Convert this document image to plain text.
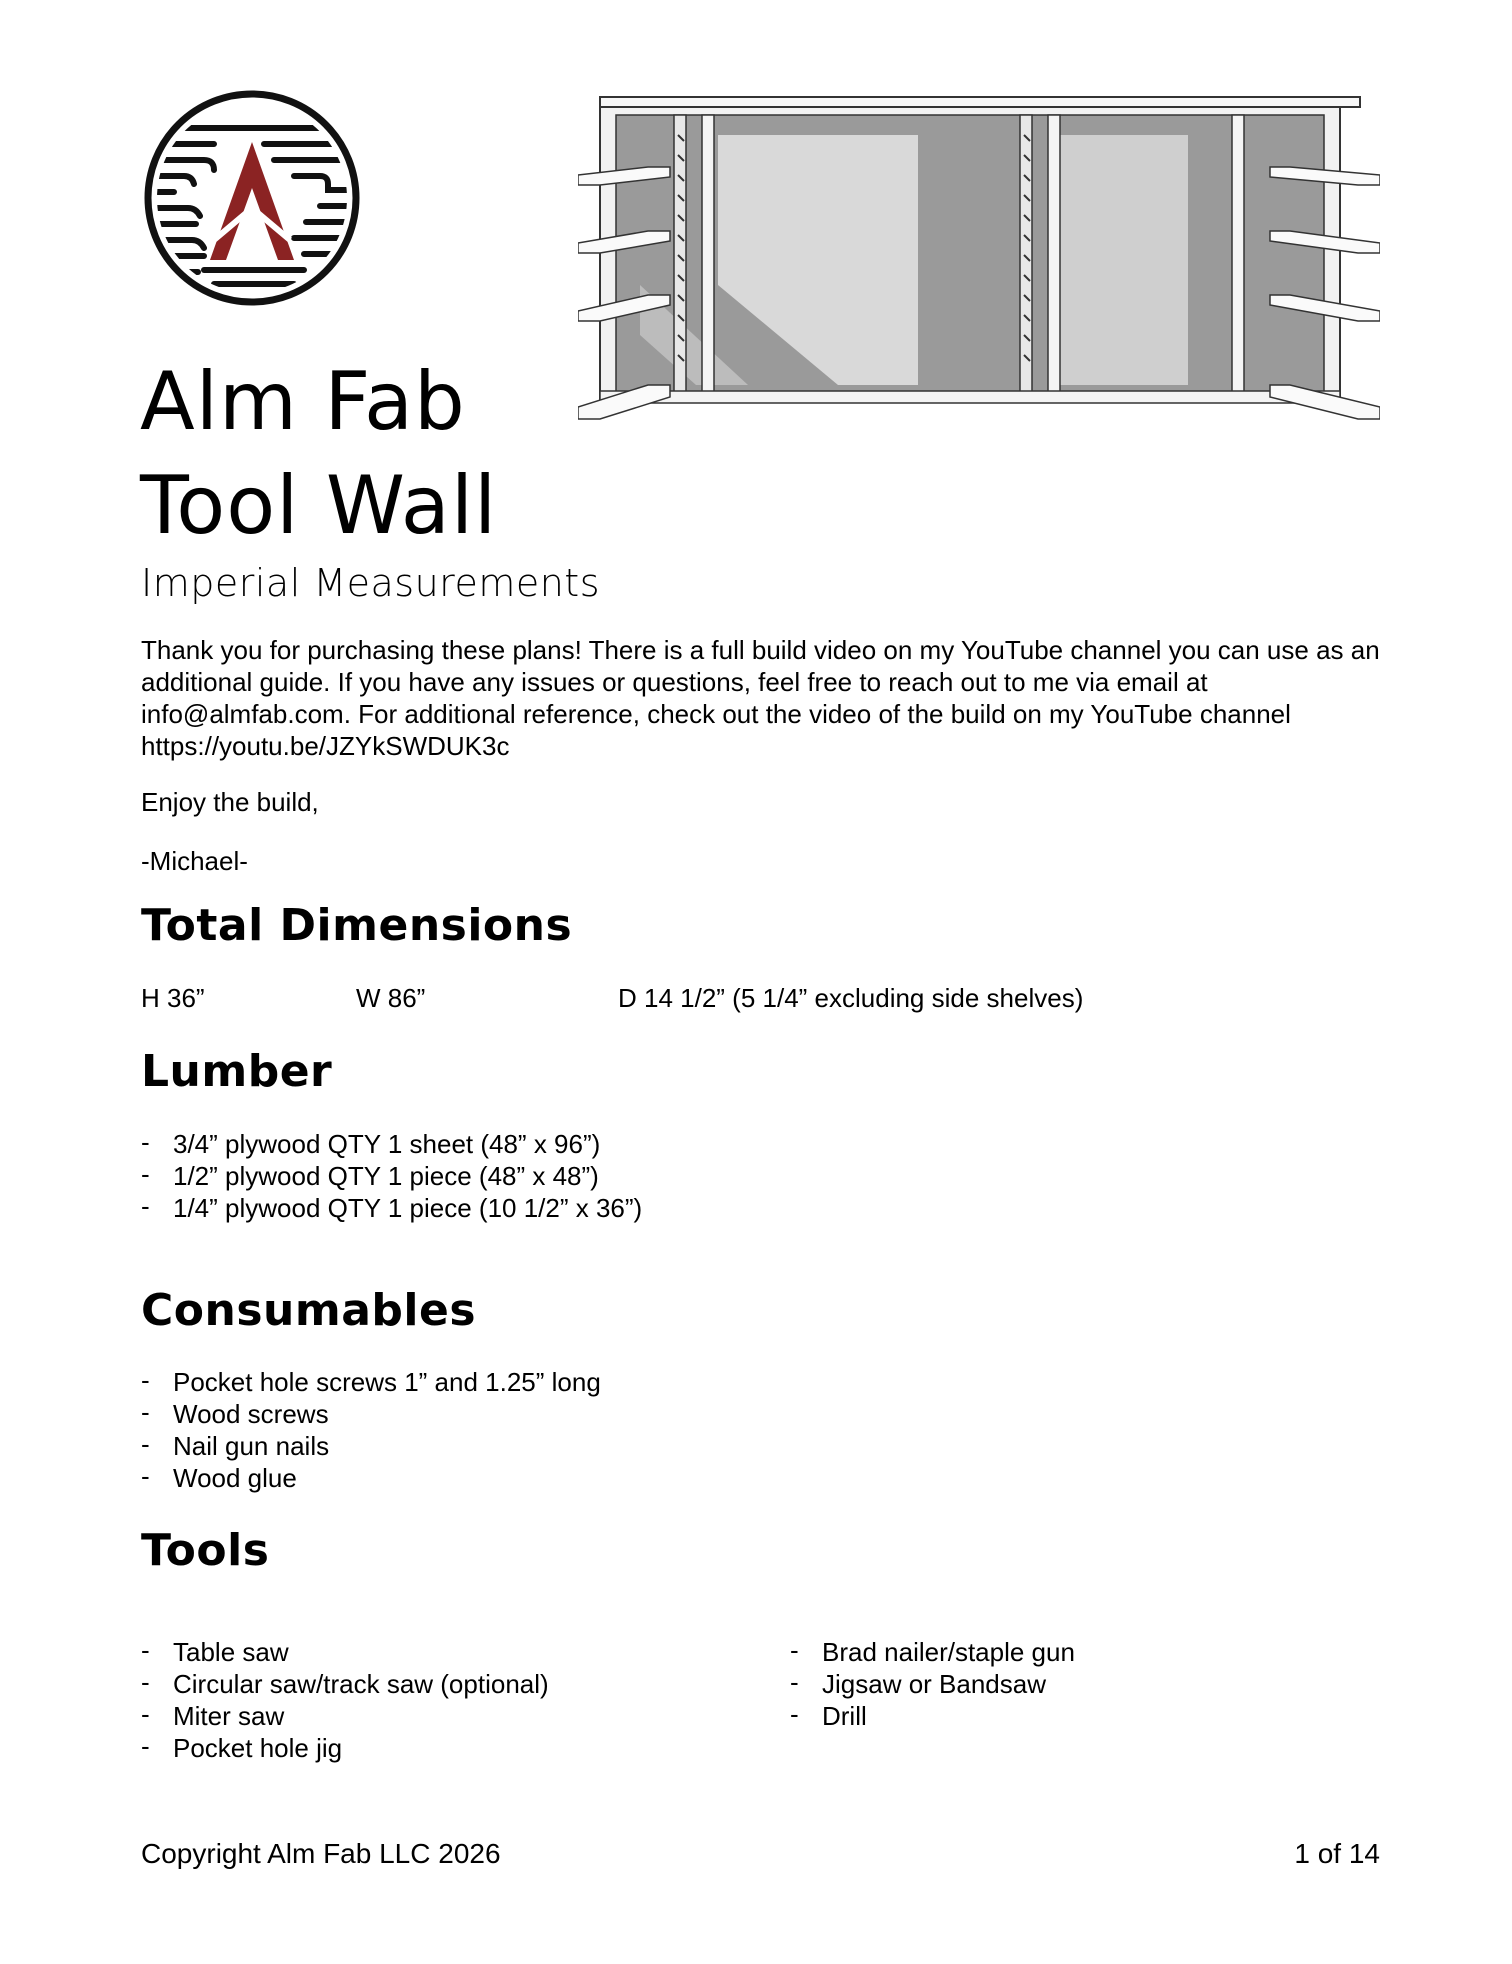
Alm Fab
Tool Wall

Imperial Measurements

Thank you for purchasing these plans! There is a full build video on my YouTube channel you can use as an additional guide. If you have any issues or questions, feel free to reach out to me via email at info@almfab.com. For additional reference, check out the video of the build on my YouTube channel https://youtu.be/JZYkSWDUK3c

Enjoy the build,

-Michael-

Total Dimensions

H 36”	W 86”	D 14 1/2” (5 1/4” excluding side shelves)

Lumber
- 3/4” plywood QTY 1 sheet (48” x 96”)
- 1/2” plywood QTY 1 piece (48” x 48”)
- 1/4” plywood QTY 1 piece (10 1/2” x 36”)
Consumables
- Pocket hole screws 1” and 1.25” long
- Wood screws
- Nail gun nails
- Wood glue
Tools
- Table saw
- Circular saw/track saw (optional)
- Miter saw
- Pocket hole jig
- Brad nailer/staple gun
- Jigsaw or Bandsaw
- Drill

Copyright Alm Fab LLC 2026	1 of 14
